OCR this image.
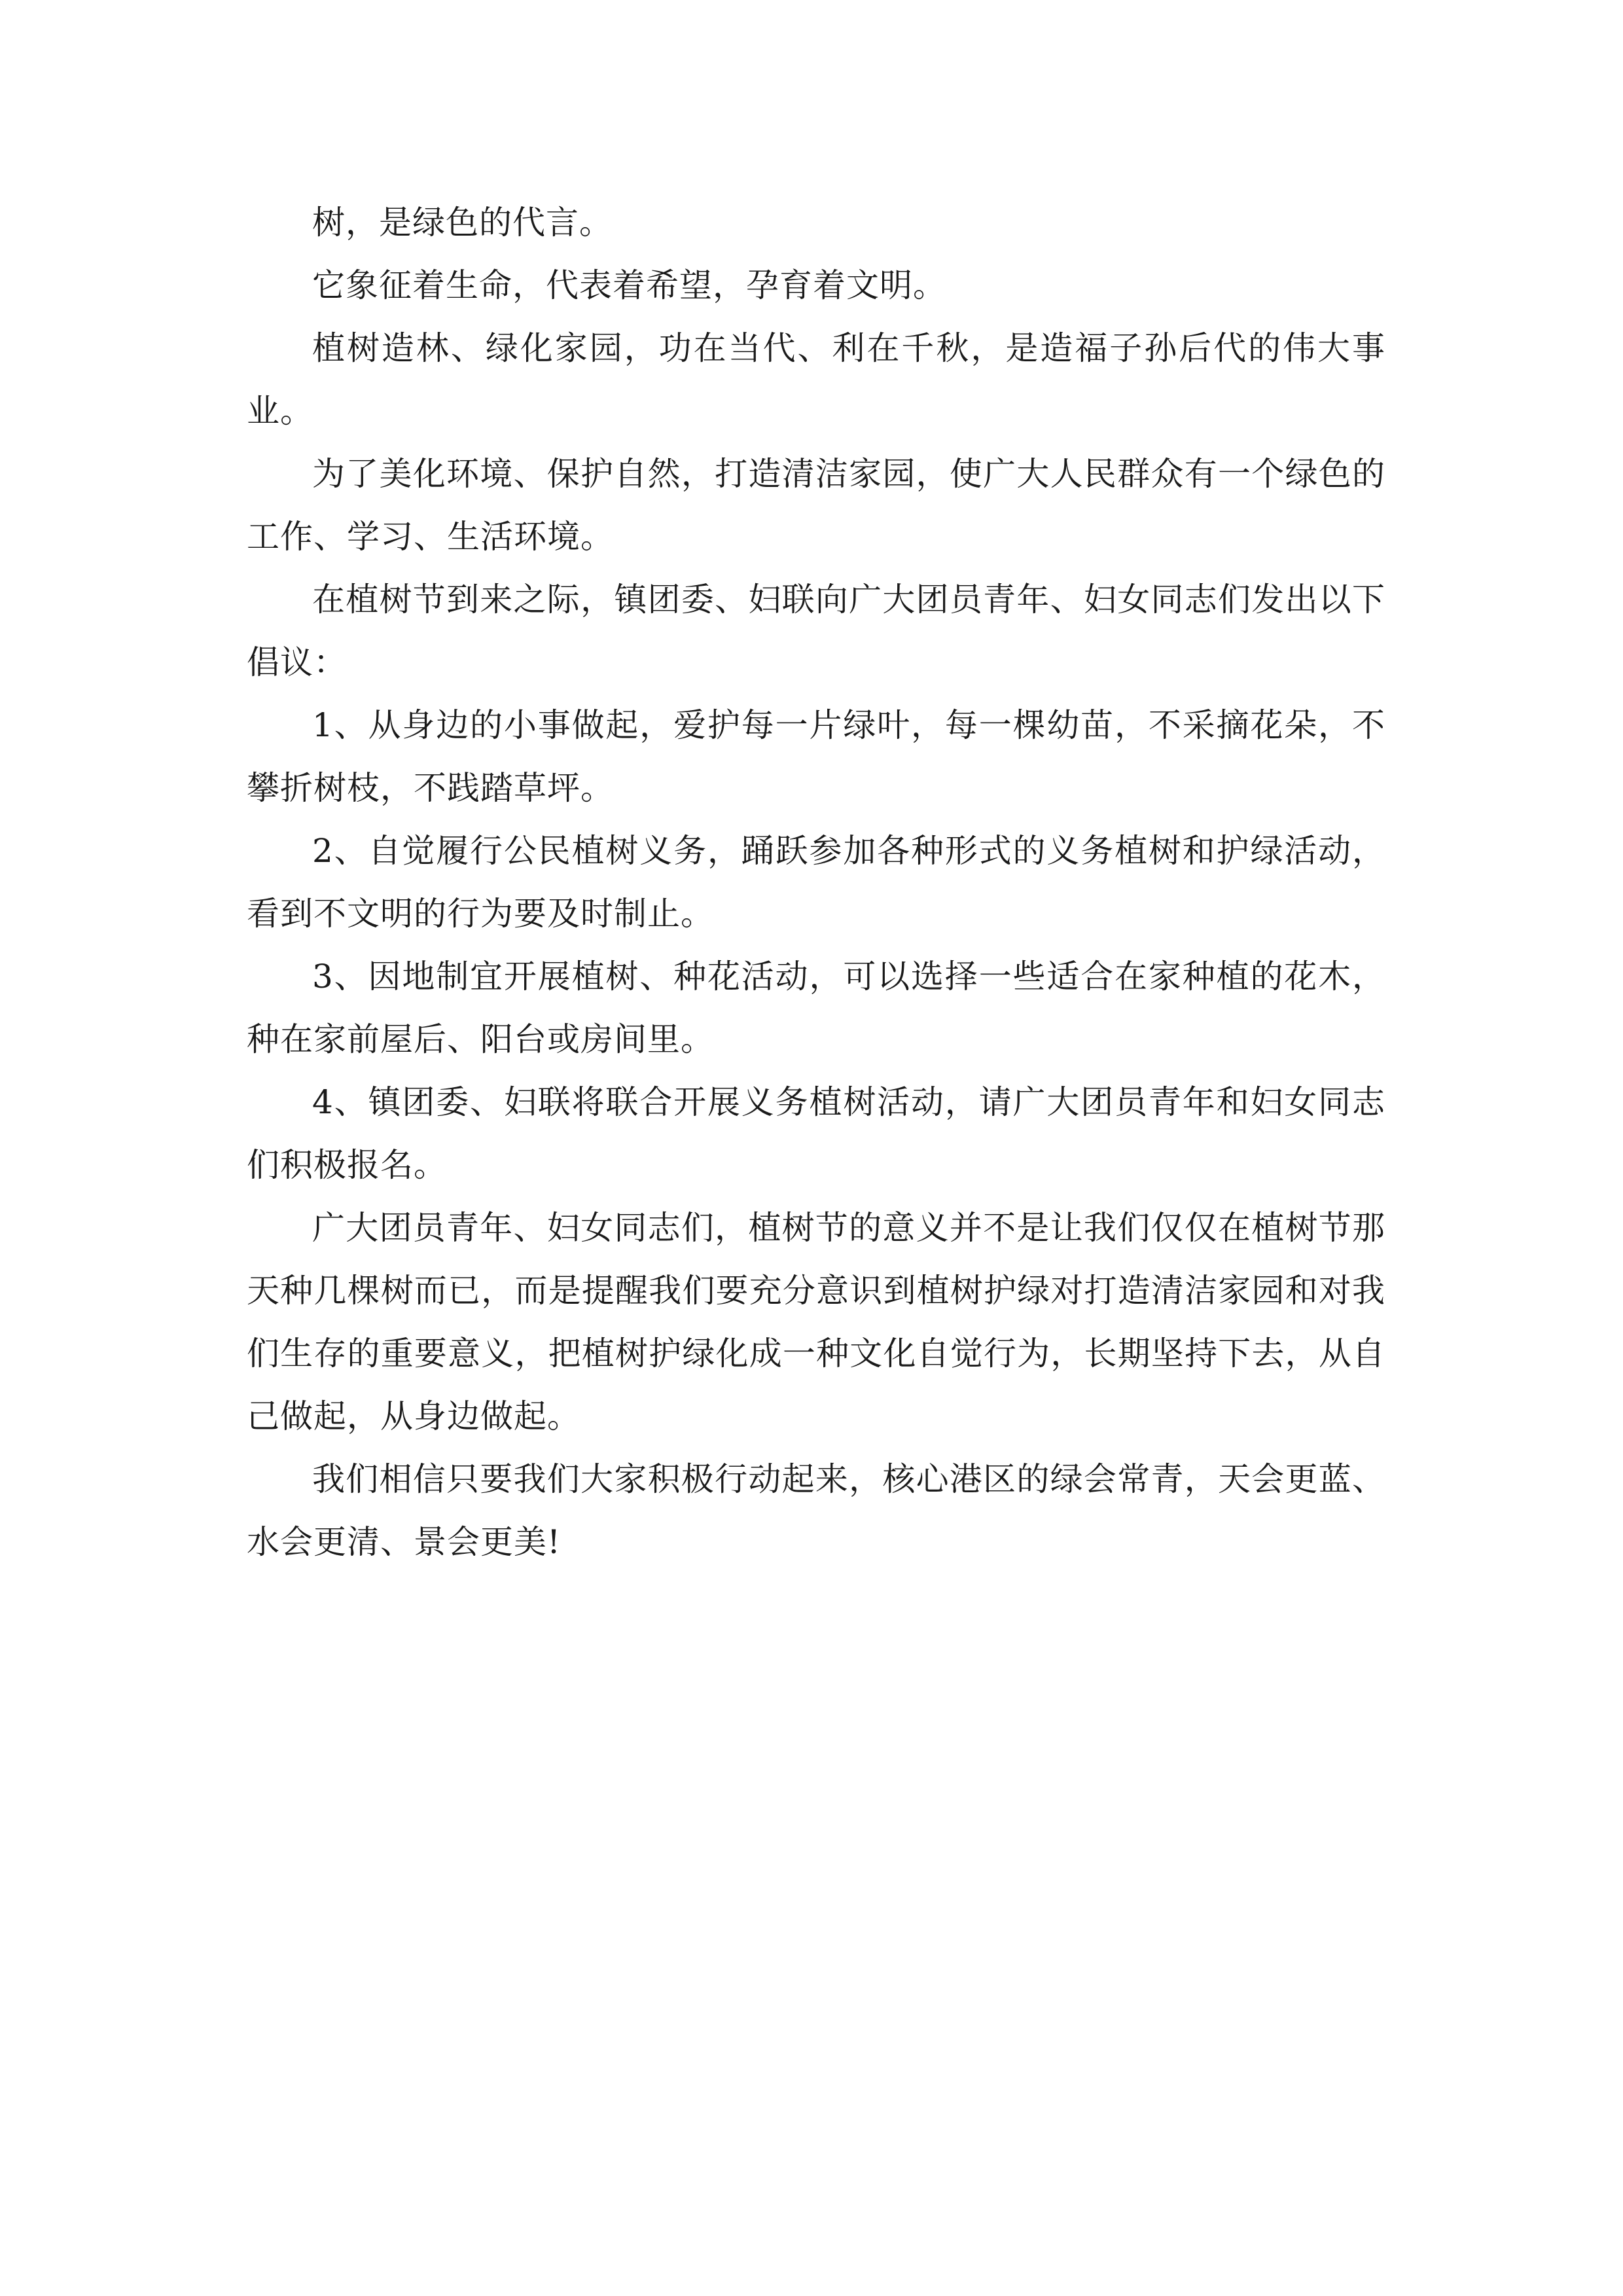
树，是绿色的代言。

它象征着生命，代表着希望，孕育着文明。

植树造林、绿化家园，功在当代、利在千秋，是造福子孙后代的伟大事业。

为了美化环境、保护自然，打造清洁家园，使广大人民群众有一个绿色的工作、学习、生活环境。

在植树节到来之际，镇团委、妇联向广大团员青年、妇女同志们发出以下倡议：

1、从身边的小事做起，爱护每一片绿叶，每一棵幼苗，不采摘花朵，不攀折树枝，不践踏草坪。

2、自觉履行公民植树义务，踊跃参加各种形式的义务植树和护绿活动，看到不文明的行为要及时制止。

3、因地制宜开展植树、种花活动，可以选择一些适合在家种植的花木，种在家前屋后、阳台或房间里。

4、镇团委、妇联将联合开展义务植树活动，请广大团员青年和妇女同志们积极报名。

广大团员青年、妇女同志们，植树节的意义并不是让我们仅仅在植树节那天种几棵树而已，而是提醒我们要充分意识到植树护绿对打造清洁家园和对我们生存的重要意义，把植树护绿化成一种文化自觉行为，长期坚持下去，从自己做起，从身边做起。

我们相信只要我们大家积极行动起来，核心港区的绿会常青，天会更蓝、水会更清、景会更美!
